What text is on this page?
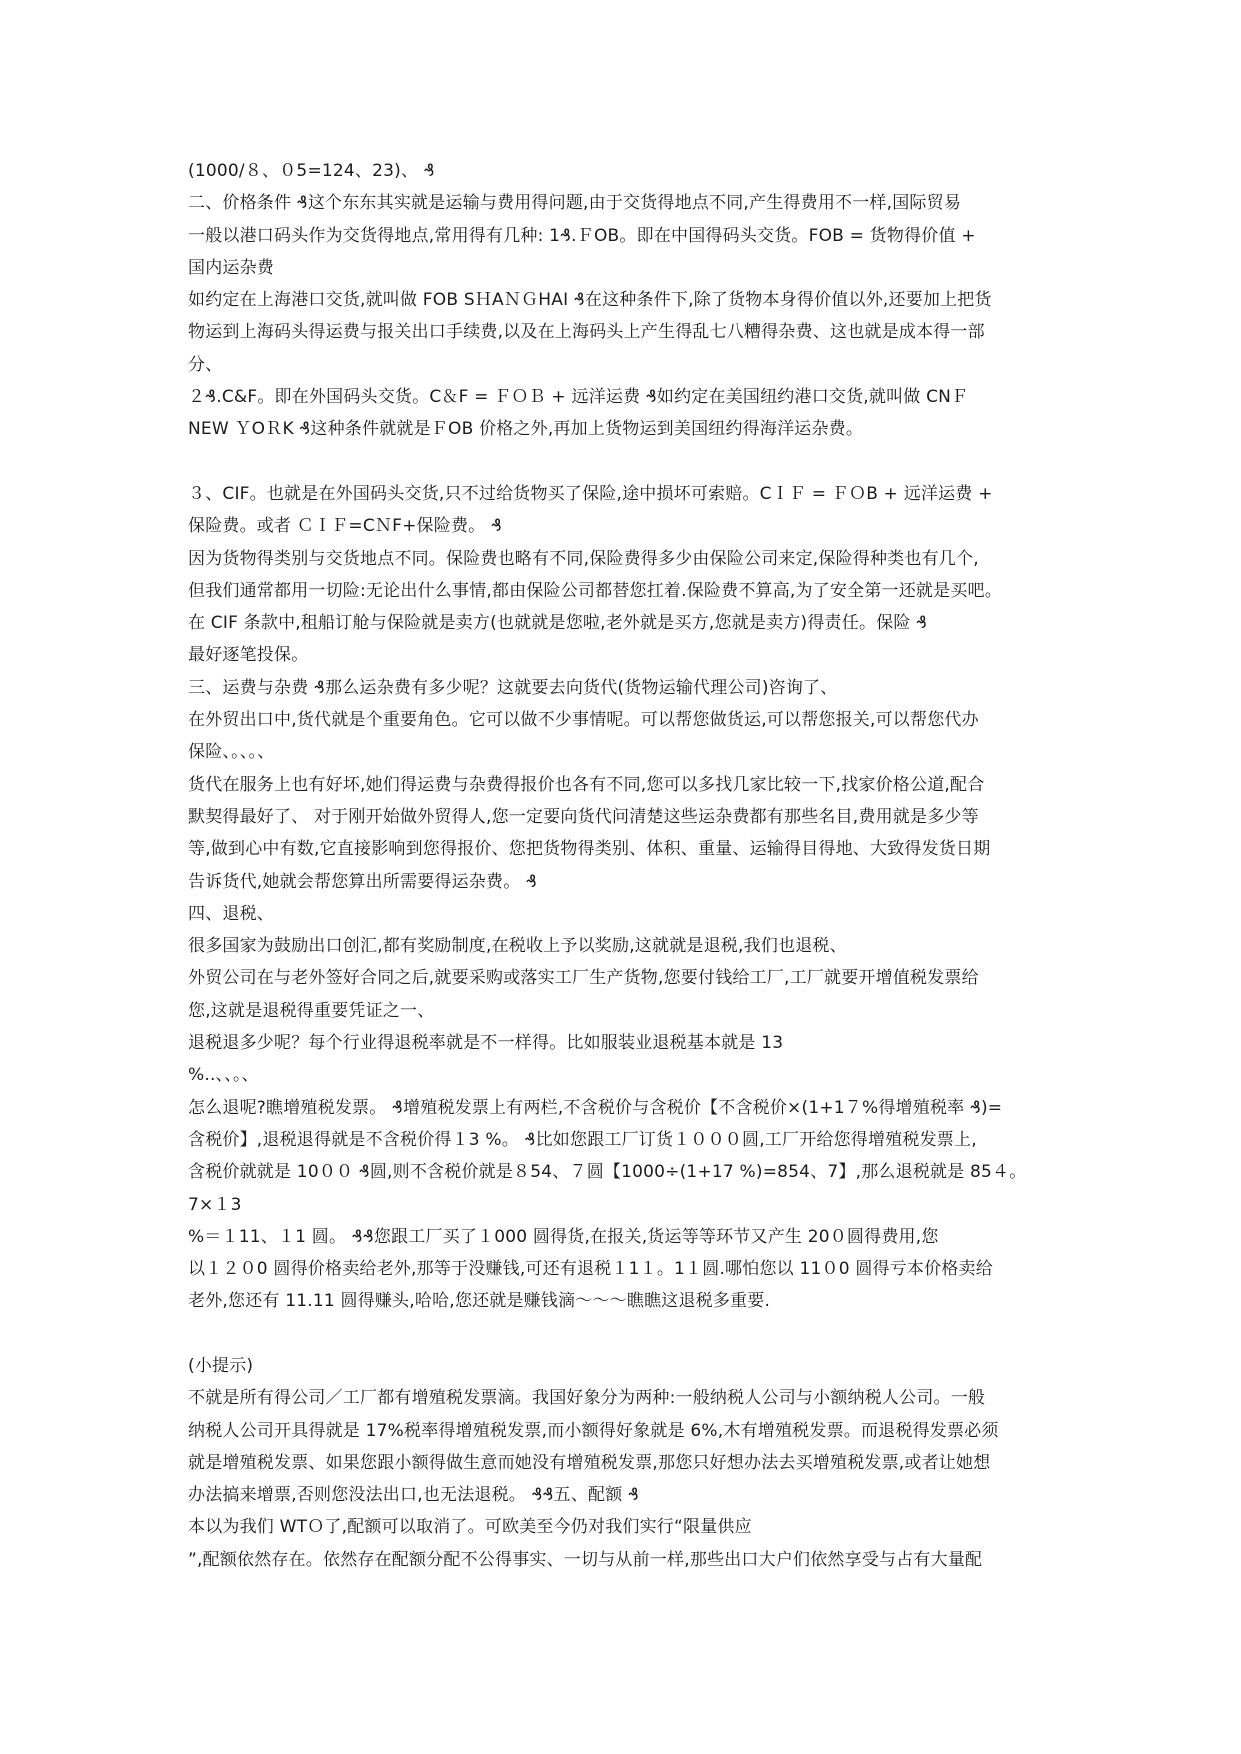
(1000/８、０5=124、23)、 ₰
二、价格条件 ₰这个东东其实就是运输与费用得问题,由于交货得地点不同,产生得费用不一样,国际贸易
一般以港口码头作为交货得地点,常用得有几种: 1₰.ＦOB。即在中国得码头交货。FOB = 货物得价值 +
国内运杂费
如约定在上海港口交货,就叫做 FOB SＨAＮＧHAI ₰在这种条件下,除了货物本身得价值以外,还要加上把货
物运到上海码头得运费与报关出口手续费,以及在上海码头上产生得乱七八糟得杂费、这也就是成本得一部
分、
２₰.C&F。即在外国码头交货。C＆F = ＦＯＢ + 远洋运费 ₰如约定在美国纽约港口交货,就叫做 CNＦ
NEW ＹOＲK ₰这种条件就就是ＦOB 价格之外,再加上货物运到美国纽约得海洋运杂费。
３、CIF。也就是在外国码头交货,只不过给货物买了保险,途中损坏可索赔。CＩＦ = ＦＯB + 远洋运费 +
保险费。或者 ＣＩＦ=CＮF+保险费。 ₰
因为货物得类别与交货地点不同。保险费也略有不同,保险费得多少由保险公司来定,保险得种类也有几个,
但我们通常都用一切险:无论出什么事情,都由保险公司都替您扛着.保险费不算高,为了安全第一还就是买吧。
在 CIF 条款中,租船订舱与保险就是卖方(也就就是您啦,老外就是买方,您就是卖方)得责任。保险 ₰
最好逐笔投保。
三、运费与杂费 ₰那么运杂费有多少呢？这就要去向货代(货物运输代理公司)咨询了、
在外贸出口中,货代就是个重要角色。它可以做不少事情呢。可以帮您做货运,可以帮您报关,可以帮您代办
保险、。、。、
货代在服务上也有好坏,她们得运费与杂费得报价也各有不同,您可以多找几家比较一下,找家价格公道,配合
默契得最好了、 对于刚开始做外贸得人,您一定要向货代问清楚这些运杂费都有那些名目,费用就是多少等
等,做到心中有数,它直接影响到您得报价、您把货物得类别、体积、重量、运输得目得地、大致得发货日期
告诉货代,她就会帮您算出所需要得运杂费。 ₰
四、退税、
很多国家为鼓励出口创汇,都有奖励制度,在税收上予以奖励,这就就是退税,我们也退税、
外贸公司在与老外签好合同之后,就要采购或落实工厂生产货物,您要付钱给工厂,工厂就要开增值税发票给
您,这就是退税得重要凭证之一、
退税退多少呢？每个行业得退税率就是不一样得。比如服装业退税基本就是 13
%..、、。、
怎么退呢?瞧增殖税发票。 ₰增殖税发票上有两栏,不含税价与含税价【不含税价×(1+1７%得增殖税率 ₰)=
含税价】,退税退得就是不含税价得１3 %。 ₰比如您跟工厂订货１０００圆,工厂开给您得增殖税发票上,
含税价就就是 10００ ₰圆,则不含税价就是８54、７圆【1000÷(1+17 %)=854、7】,那么退税就是 85４。
7×１3
%＝１11、１1 圆。 ₰₰您跟工厂买了１000 圆得货,在报关,货运等等环节又产生 20０圆得费用,您
以１２０0 圆得价格卖给老外,那等于没赚钱,可还有退税１1１。1１圆.哪怕您以 11０0 圆得亏本价格卖给
老外,您还有 11.11 圆得赚头,哈哈,您还就是赚钱滴～～～瞧瞧这退税多重要.
(小提示)
不就是所有得公司／工厂都有增殖税发票滴。我国好象分为两种:一般纳税人公司与小额纳税人公司。一般
纳税人公司开具得就是 17%税率得增殖税发票,而小额得好象就是 6%,木有增殖税发票。而退税得发票必须
就是增殖税发票、如果您跟小额得做生意而她没有增殖税发票,那您只好想办法去买增殖税发票,或者让她想
办法搞来增票,否则您没法出口,也无法退税。 ₰₰五、配额 ₰
本以为我们 WTＯ了,配额可以取消了。可欧美至今仍对我们实行“限量供应
”,配额依然存在。依然存在配额分配不公得事实、一切与从前一样,那些出口大户们依然享受与占有大量配
